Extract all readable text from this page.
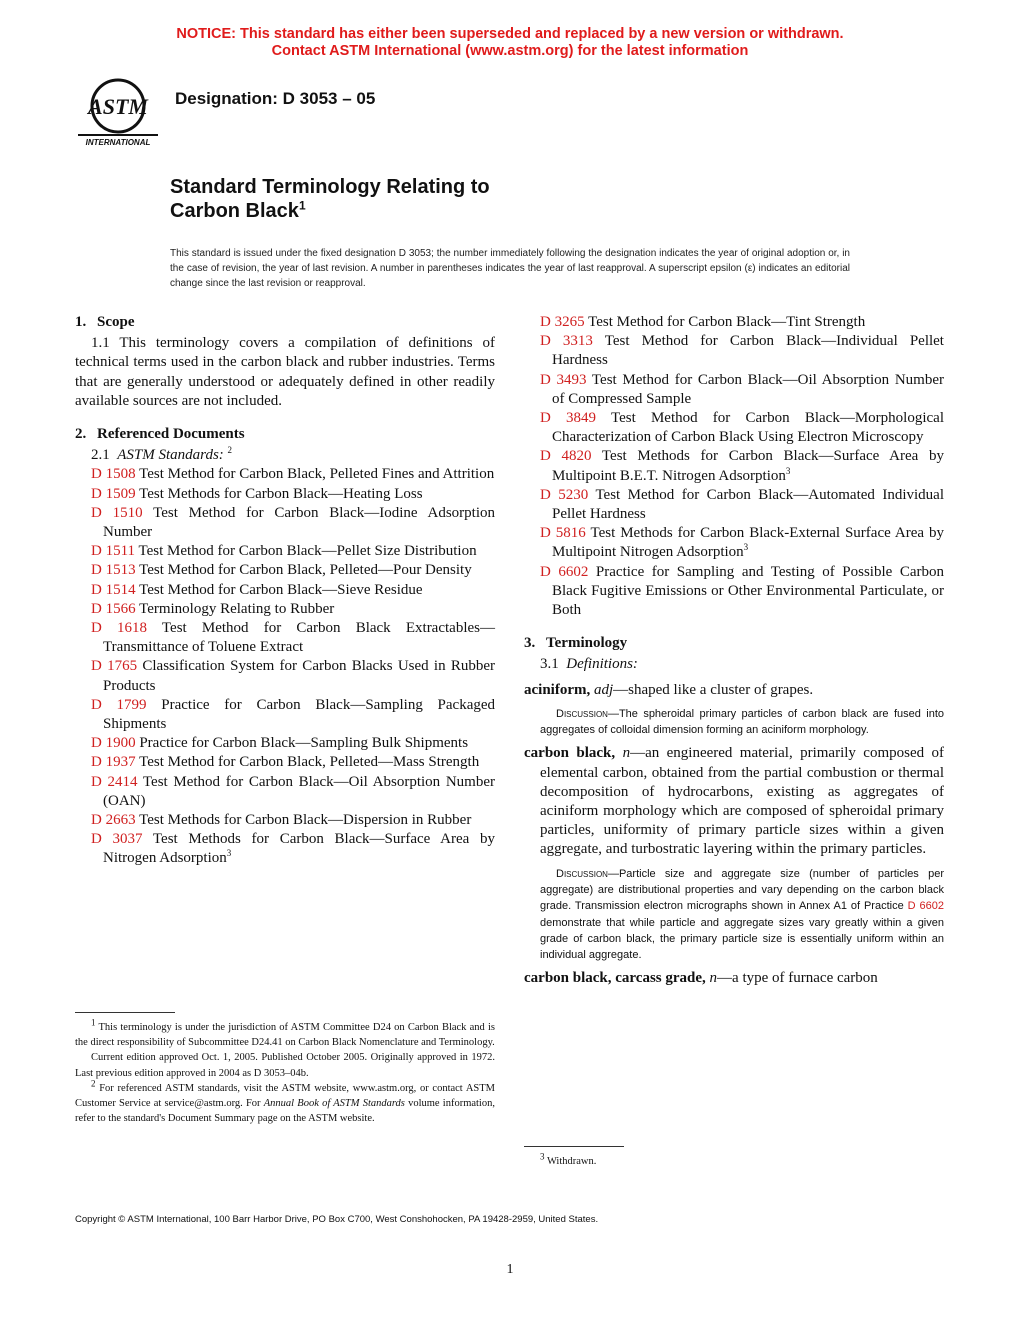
NOTICE: This standard has either been superseded and replaced by a new version or withdrawn.
Contact ASTM International (www.astm.org) for the latest information
ASTM
INTERNATIONAL
Designation: D 3053 – 05
Standard Terminology Relating to
Carbon Black$^1$
This standard is issued under the fixed designation D 3053; the number immediately following the designation indicates the year of original adoption or, in the case of revision, the year of last revision. A number in parentheses indicates the year of last reapproval. A superscript epsilon (ε) indicates an editorial change since the last revision or reapproval.
1. Scope

1.1 This terminology covers a compilation of definitions of technical terms used in the carbon black and rubber industries. Terms that are generally understood or adequately defined in other readily available sources are not included.

2. Referenced Documents

2.1 ASTM Standards: $^2$

D 1508 Test Method for Carbon Black, Pelleted Fines and Attrition

D 1509 Test Methods for Carbon Black—Heating Loss

D 1510 Test Method for Carbon Black—Iodine Adsorption Number

D 1511 Test Method for Carbon Black—Pellet Size Distribution

D 1513 Test Method for Carbon Black, Pelleted—Pour Density

D 1514 Test Method for Carbon Black—Sieve Residue

D 1566 Terminology Relating to Rubber

D 1618 Test Method for Carbon Black Extractables—Transmittance of Toluene Extract

D 1765 Classification System for Carbon Blacks Used in Rubber Products

D 1799 Practice for Carbon Black—Sampling Packaged Shipments

D 1900 Practice for Carbon Black—Sampling Bulk Shipments

D 1937 Test Method for Carbon Black, Pelleted—Mass Strength

D 2414 Test Method for Carbon Black—Oil Absorption Number (OAN)

D 2663 Test Methods for Carbon Black—Dispersion in Rubber

D 3037 Test Methods for Carbon Black—Surface Area by Nitrogen Adsorption$^3$

D 3265 Test Method for Carbon Black—Tint Strength

D 3313 Test Method for Carbon Black—Individual Pellet Hardness

D 3493 Test Method for Carbon Black—Oil Absorption Number of Compressed Sample

D 3849 Test Method for Carbon Black—Morphological Characterization of Carbon Black Using Electron Microscopy

D 4820 Test Methods for Carbon Black—Surface Area by Multipoint B.E.T. Nitrogen Adsorption$^3$

D 5230 Test Method for Carbon Black—Automated Individual Pellet Hardness

D 5816 Test Methods for Carbon Black-External Surface Area by Multipoint Nitrogen Adsorption$^3$

D 6602 Practice for Sampling and Testing of Possible Carbon Black Fugitive Emissions or Other Environmental Particulate, or Both

3. Terminology

3.1 Definitions:

aciniform, adj—shaped like a cluster of grapes.

Discussion—The spheroidal primary particles of carbon black are fused into aggregates of colloidal dimension forming an aciniform morphology.

carbon black, n—an engineered material, primarily composed of elemental carbon, obtained from the partial combustion or thermal decomposition of hydrocarbons, existing as aggregates of aciniform morphology which are composed of spheroidal primary particles, uniformity of primary particle sizes within a given aggregate, and turbostratic layering within the primary particles.

Discussion—Particle size and aggregate size (number of particles per aggregate) are distributional properties and vary depending on the carbon black grade. Transmission electron micrographs shown in Annex A1 of Practice D 6602 demonstrate that while particle and aggregate sizes vary greatly within a given grade of carbon black, the primary particle size is essentially uniform within an individual aggregate.

carbon black, carcass grade, n—a type of furnace carbon

$^1$ This terminology is under the jurisdiction of ASTM Committee D24 on Carbon Black and is the direct responsibility of Subcommittee D24.41 on Carbon Black Nomenclature and Terminology.

Current edition approved Oct. 1, 2005. Published October 2005. Originally approved in 1972. Last previous edition approved in 2004 as D 3053–04b.

$^2$ For referenced ASTM standards, visit the ASTM website, www.astm.org, or contact ASTM Customer Service at service@astm.org. For Annual Book of ASTM Standards volume information, refer to the standard's Document Summary page on the ASTM website.

$^3$ Withdrawn.
Copyright © ASTM International, 100 Barr Harbor Drive, PO Box C700, West Conshohocken, PA 19428-2959, United States.
1
